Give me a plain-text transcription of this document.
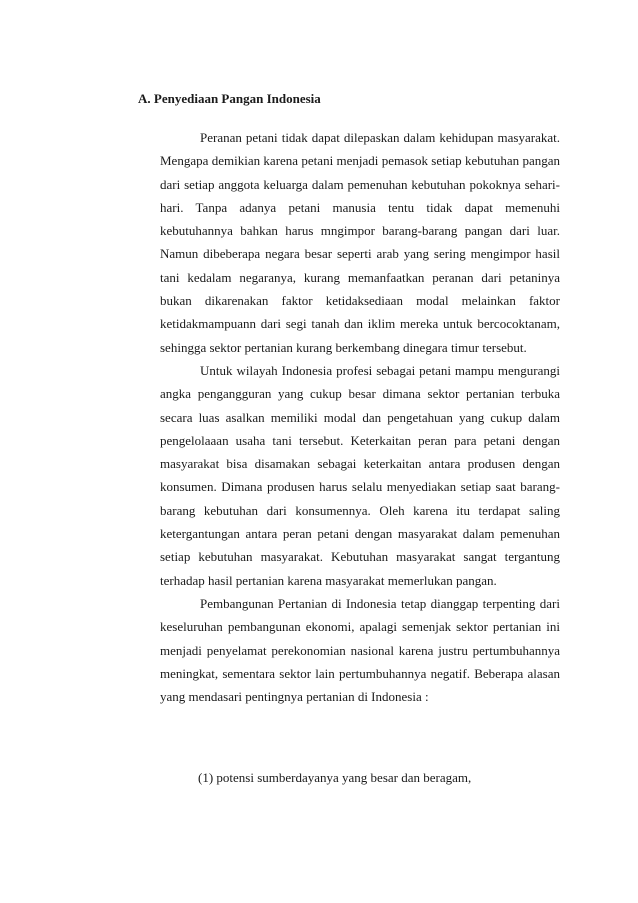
A. Penyediaan Pangan Indonesia

Peranan petani tidak dapat dilepaskan dalam kehidupan masyarakat. Mengapa demikian karena petani menjadi pemasok setiap kebutuhan pangan dari setiap anggota keluarga dalam pemenuhan kebutuhan pokoknya sehari-hari. Tanpa adanya petani manusia tentu tidak dapat memenuhi kebutuhannya bahkan harus mngimpor barang-barang pangan dari luar. Namun dibeberapa negara besar seperti arab yang sering mengimpor hasil tani kedalam negaranya, kurang memanfaatkan peranan dari petaninya bukan dikarenakan faktor ketidaksediaan modal melainkan faktor ketidakmampuann dari segi tanah dan iklim mereka untuk bercocoktanam, sehingga sektor pertanian kurang berkembang dinegara timur tersebut.

Untuk wilayah Indonesia profesi sebagai petani mampu mengurangi angka pengangguran yang cukup besar dimana sektor pertanian terbuka secara luas asalkan memiliki modal dan pengetahuan yang cukup dalam pengelolaaan usaha tani tersebut. Keterkaitan peran para petani dengan masyarakat bisa disamakan sebagai keterkaitan antara produsen dengan konsumen. Dimana produsen harus selalu menyediakan setiap saat barang-barang kebutuhan dari konsumennya. Oleh karena itu terdapat saling ketergantungan antara peran petani dengan masyarakat dalam pemenuhan setiap kebutuhan masyarakat. Kebutuhan masyarakat sangat tergantung terhadap hasil pertanian karena masyarakat memerlukan pangan.

Pembangunan Pertanian di Indonesia tetap dianggap terpenting dari keseluruhan pembangunan ekonomi, apalagi semenjak sektor pertanian ini menjadi penyelamat perekonomian nasional karena justru pertumbuhannya meningkat, sementara sektor lain pertumbuhannya negatif. Beberapa alasan yang mendasari pentingnya pertanian di Indonesia :

(1) potensi sumberdayanya yang besar dan beragam,
